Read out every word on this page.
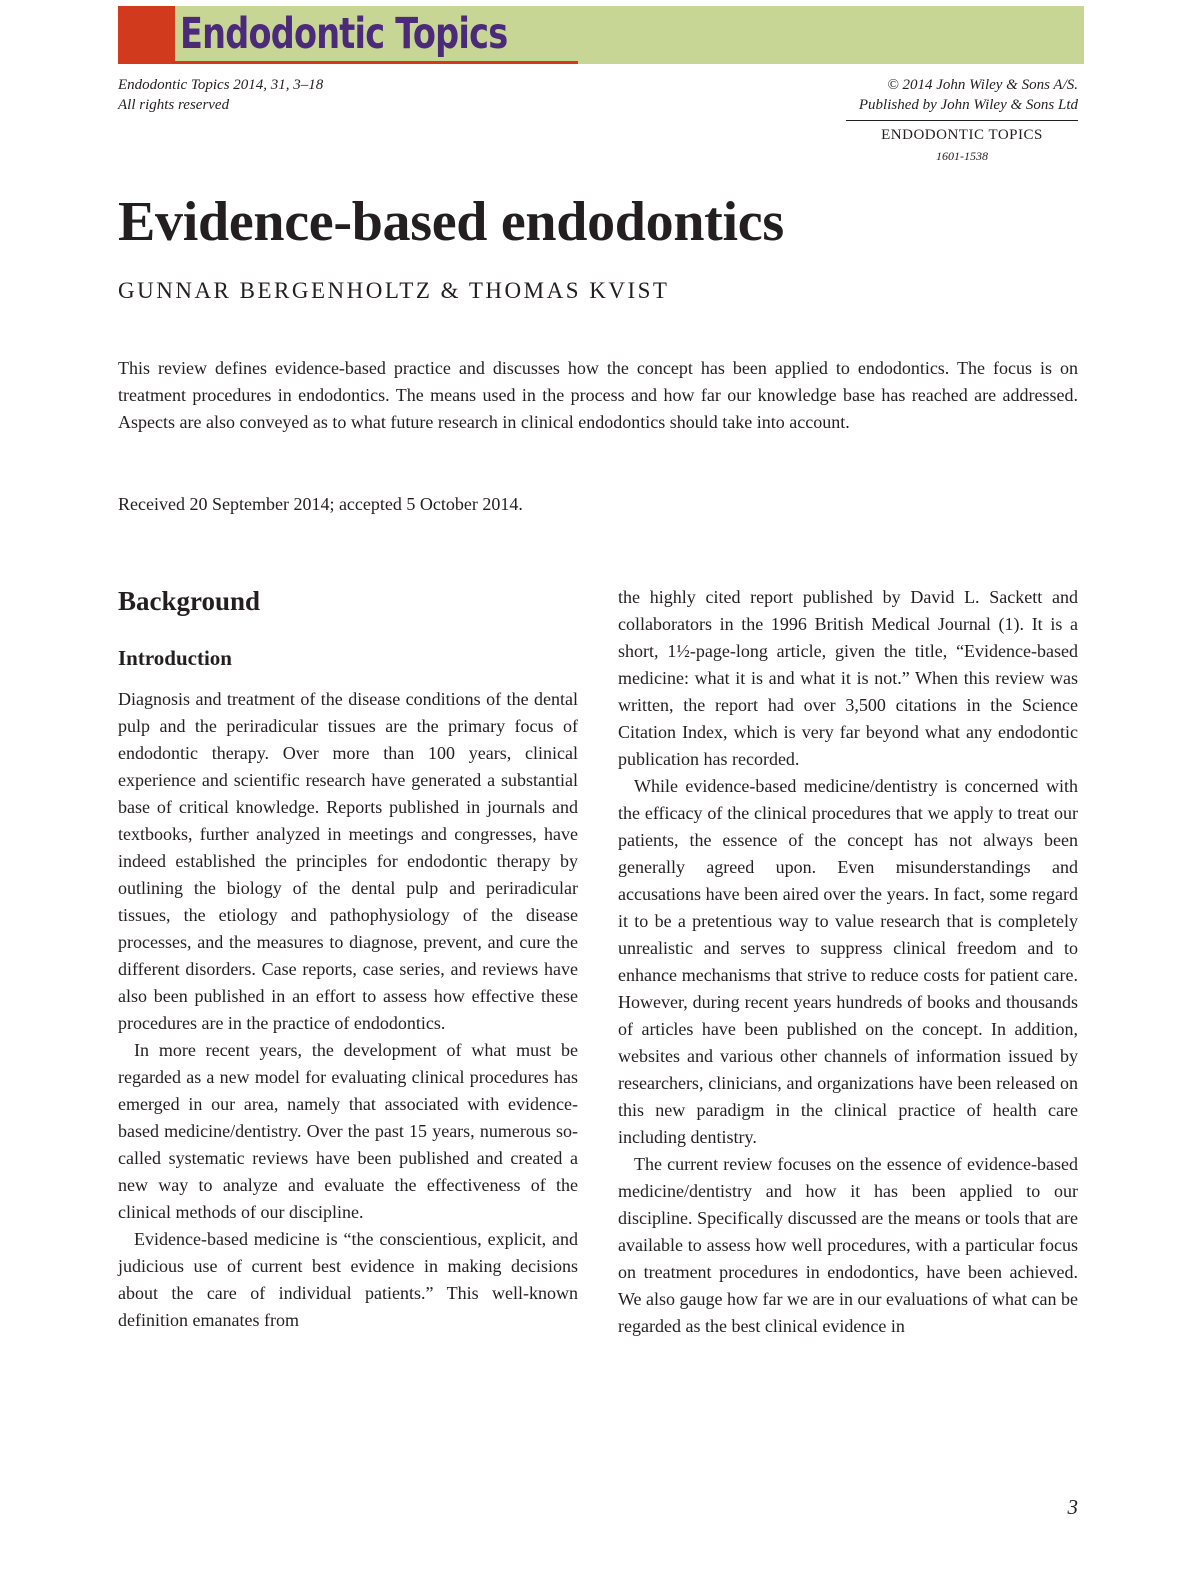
Endodontic Topics
Endodontic Topics 2014, 31, 3–18
All rights reserved
© 2014 John Wiley & Sons A/S.
Published by John Wiley & Sons Ltd
ENDODONTIC TOPICS
1601-1538
Evidence-based endodontics
GUNNAR BERGENHOLTZ & THOMAS KVIST

This review defines evidence-based practice and discusses how the concept has been applied to endodontics. The focus is on treatment procedures in endodontics. The means used in the process and how far our knowledge base has reached are addressed. Aspects are also conveyed as to what future research in clinical endodontics should take into account.

Received 20 September 2014; accepted 5 October 2014.

Background
Introduction

Diagnosis and treatment of the disease conditions of the dental pulp and the periradicular tissues are the primary focus of endodontic therapy. Over more than 100 years, clinical experience and scientific research have generated a substantial base of critical knowledge. Reports published in journals and textbooks, further analyzed in meetings and congresses, have indeed established the principles for endodontic therapy by outlining the biology of the dental pulp and periradicular tissues, the etiology and pathophysiology of the disease processes, and the measures to diagnose, prevent, and cure the different disorders. Case reports, case series, and reviews have also been published in an effort to assess how effective these procedures are in the practice of endodontics.

In more recent years, the development of what must be regarded as a new model for evaluating clinical procedures has emerged in our area, namely that associated with evidence-based medicine/dentistry. Over the past 15 years, numerous so-called systematic reviews have been published and created a new way to analyze and evaluate the effectiveness of the clinical methods of our discipline.

Evidence-based medicine is “the conscientious, explicit, and judicious use of current best evidence in making decisions about the care of individual patients.” This well-known definition emanates from

the highly cited report published by David L. Sackett and collaborators in the 1996 British Medical Journal (1). It is a short, 1½-page-long article, given the title, “Evidence-based medicine: what it is and what it is not.” When this review was written, the report had over 3,500 citations in the Science Citation Index, which is very far beyond what any endodontic publication has recorded.

While evidence-based medicine/dentistry is concerned with the efficacy of the clinical procedures that we apply to treat our patients, the essence of the concept has not always been generally agreed upon. Even misunderstandings and accusations have been aired over the years. In fact, some regard it to be a pretentious way to value research that is completely unrealistic and serves to suppress clinical freedom and to enhance mechanisms that strive to reduce costs for patient care. However, during recent years hundreds of books and thousands of articles have been published on the concept. In addition, websites and various other channels of information issued by researchers, clinicians, and organizations have been released on this new paradigm in the clinical practice of health care including dentistry.

The current review focuses on the essence of evidence-based medicine/dentistry and how it has been applied to our discipline. Specifically discussed are the means or tools that are available to assess how well procedures, with a particular focus on treatment procedures in endodontics, have been achieved. We also gauge how far we are in our evaluations of what can be regarded as the best clinical evidence in

3
